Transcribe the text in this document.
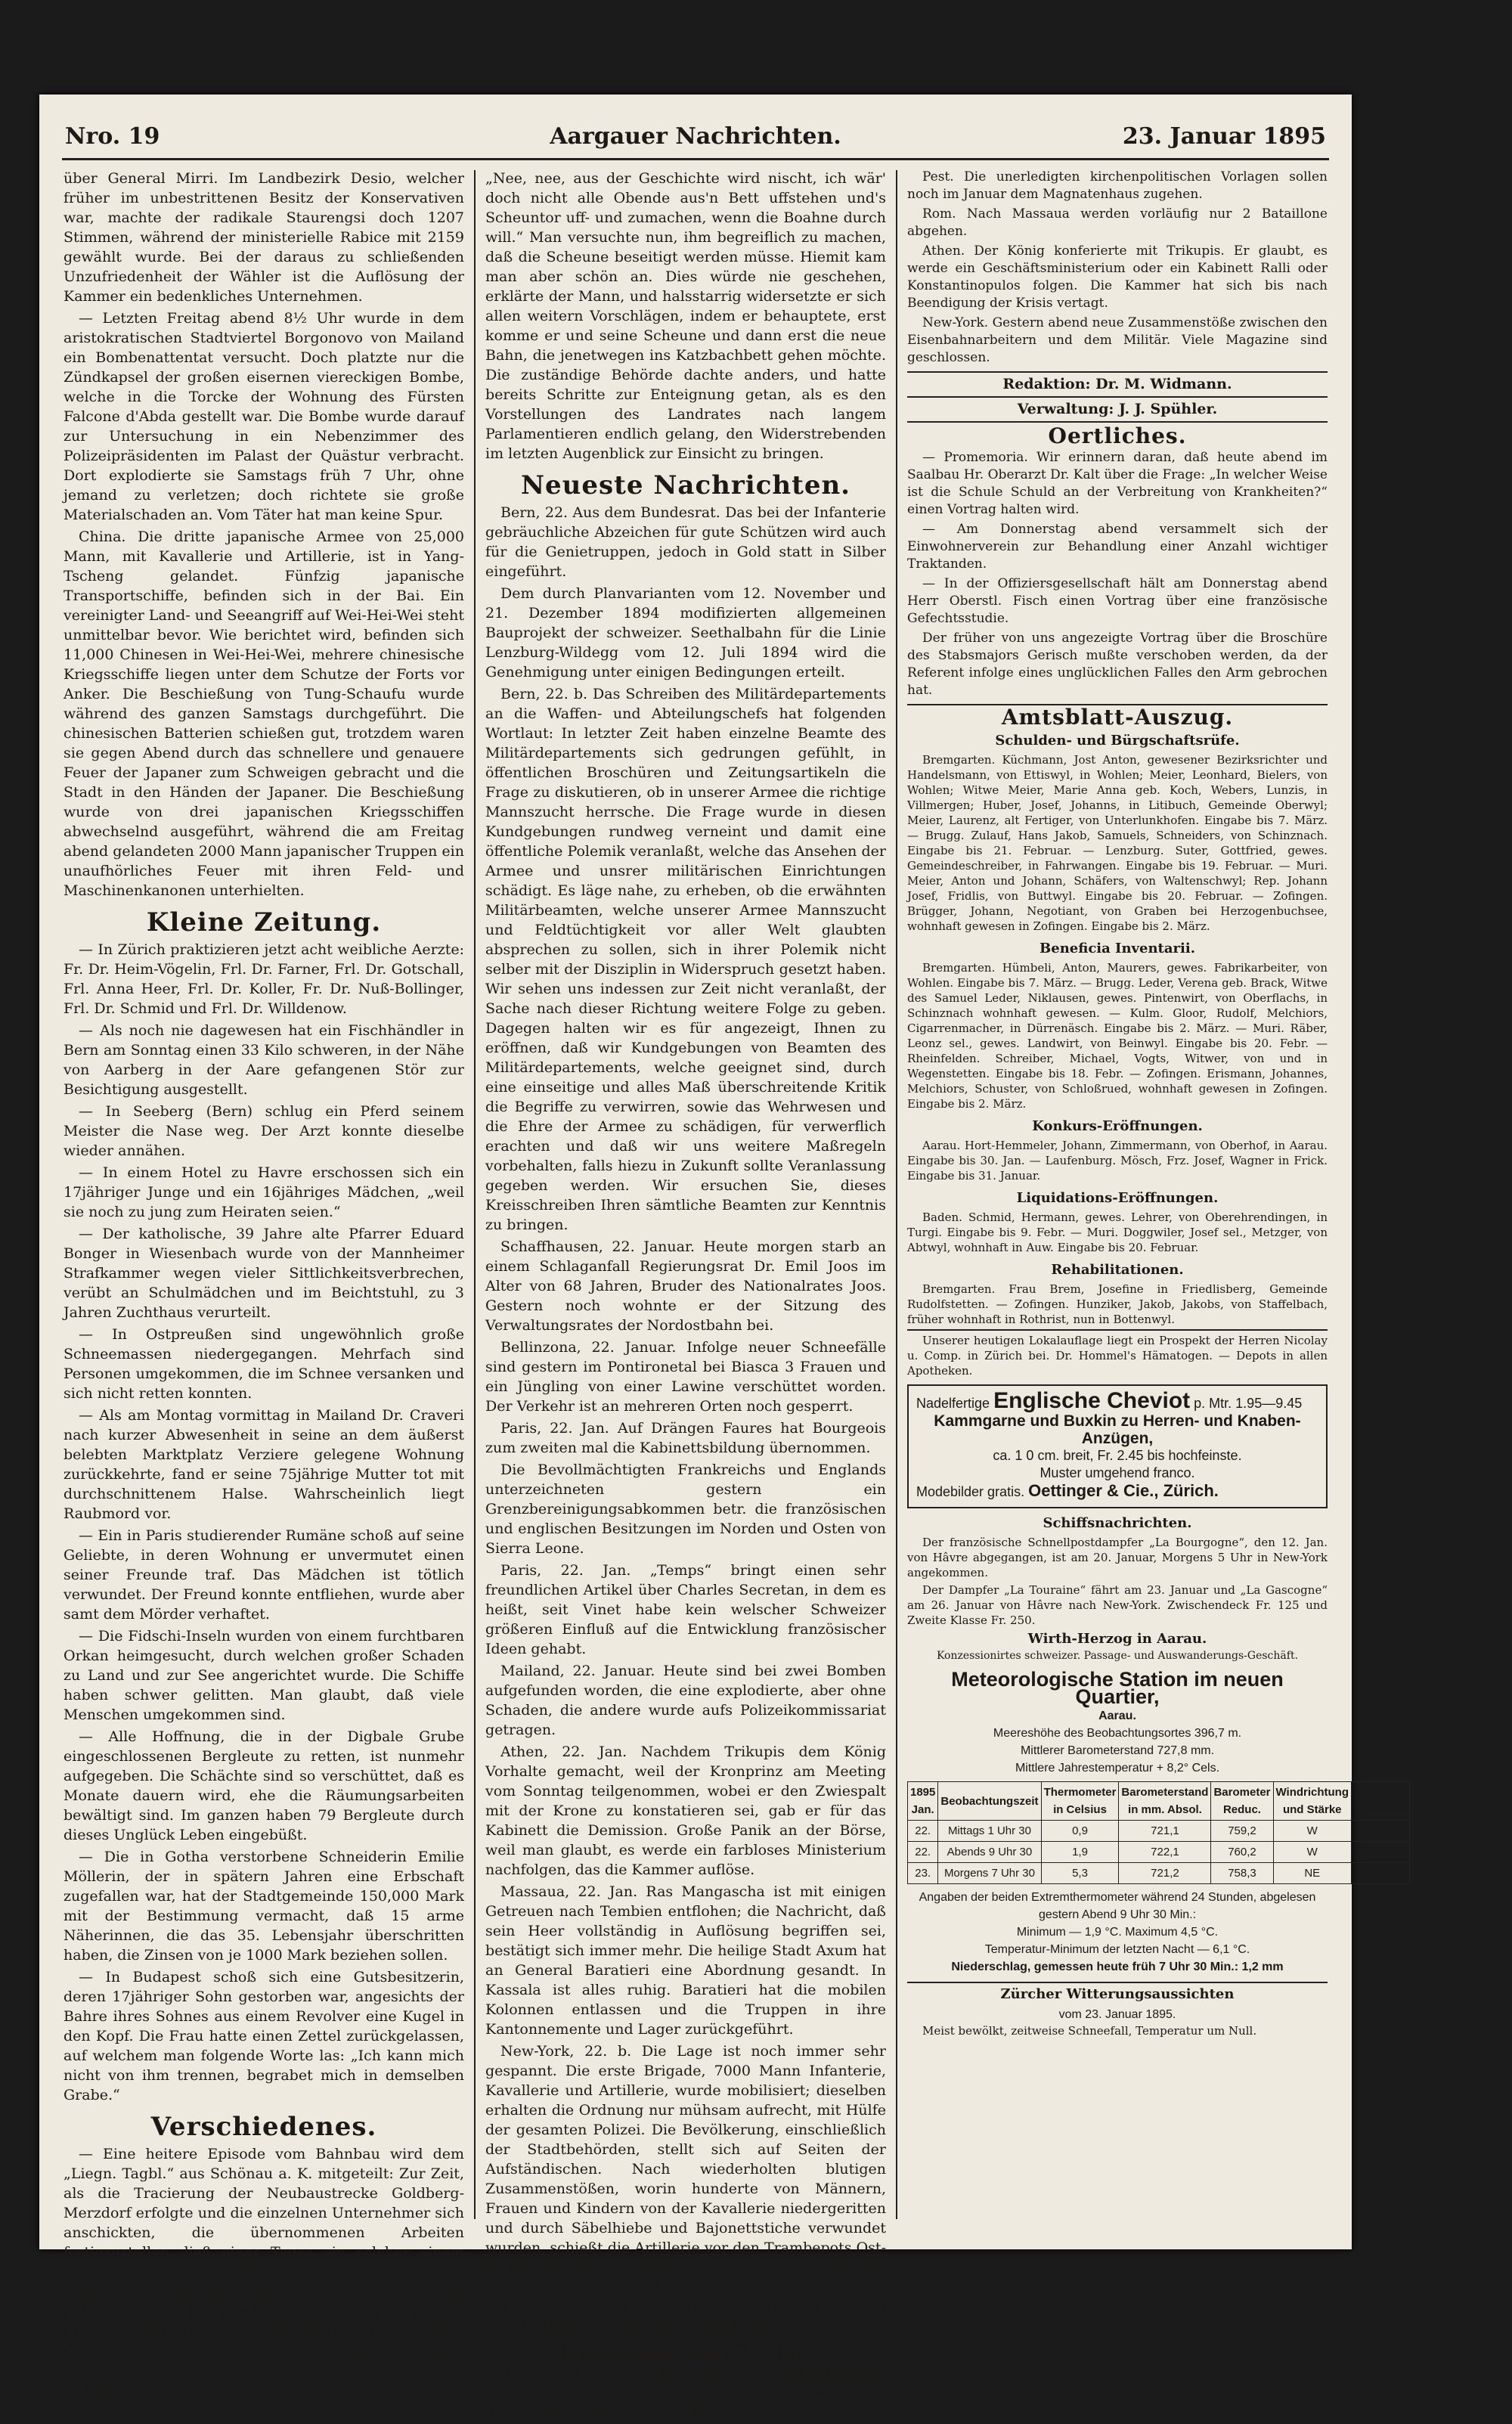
Nro. 19	Aargauer Nachrichten.	23. Januar 1895

über General Mirri. Im Landbezirk Desio, welcher früher im unbestrittenen Besitz der Konservativen war, machte der radikale Staurengsi doch 1207 Stimmen, während der ministerielle Rabice mit 2159 gewählt wurde. Bei der daraus zu schließenden Unzufriedenheit der Wähler ist die Auflösung der Kammer ein bedenkliches Unternehmen.

— Letzten Freitag abend 8½ Uhr wurde in dem aristokratischen Stadtviertel Borgonovo von Mailand ein Bombenattentat versucht. Doch platzte nur die Zündkapsel der großen eisernen viereckigen Bombe, welche in die Torcke der Wohnung des Fürsten Falcone d'Abda gestellt war. Die Bombe wurde darauf zur Untersuchung in ein Nebenzimmer des Polizeipräsidenten im Palast der Quästur verbracht. Dort explodierte sie Samstags früh 7 Uhr, ohne jemand zu verletzen; doch richtete sie große Materialschaden an. Vom Täter hat man keine Spur.

China. Die dritte japanische Armee von 25,000 Mann, mit Kavallerie und Artillerie, ist in Yang-Tscheng gelandet. Fünfzig japanische Transportschiffe, befinden sich in der Bai. Ein vereinigter Land- und Seeangriff auf Wei-Hei-Wei steht unmittelbar bevor. Wie berichtet wird, befinden sich 11,000 Chinesen in Wei-Hei-Wei, mehrere chinesische Kriegsschiffe liegen unter dem Schutze der Forts vor Anker. Die Beschießung von Tung-Schaufu wurde während des ganzen Samstags durchgeführt. Die chinesischen Batterien schießen gut, trotzdem waren sie gegen Abend durch das schnellere und genauere Feuer der Japaner zum Schweigen gebracht und die Stadt in den Händen der Japaner. Die Beschießung wurde von drei japanischen Kriegsschiffen abwechselnd ausgeführt, während die am Freitag abend gelandeten 2000 Mann japanischer Truppen ein unaufhörliches Feuer mit ihren Feld- und Maschinenkanonen unterhielten.

Kleine Zeitung.

— In Zürich praktizieren jetzt acht weibliche Aerzte: Fr. Dr. Heim-Vögelin, Frl. Dr. Farner, Frl. Dr. Gotschall, Frl. Anna Heer, Frl. Dr. Koller, Fr. Dr. Nuß-Bollinger, Frl. Dr. Schmid und Frl. Dr. Willdenow.

— Als noch nie dagewesen hat ein Fischhändler in Bern am Sonntag einen 33 Kilo schweren, in der Nähe von Aarberg in der Aare gefangenen Stör zur Besichtigung ausgestellt.

— In Seeberg (Bern) schlug ein Pferd seinem Meister die Nase weg. Der Arzt konnte dieselbe wieder annähen.

— In einem Hotel zu Havre erschossen sich ein 17jähriger Junge und ein 16jähriges Mädchen, „weil sie noch zu jung zum Heiraten seien.“

— Der katholische, 39 Jahre alte Pfarrer Eduard Bonger in Wiesenbach wurde von der Mannheimer Strafkammer wegen vieler Sittlichkeitsverbrechen, verübt an Schulmädchen und im Beichtstuhl, zu 3 Jahren Zuchthaus verurteilt.

— In Ostpreußen sind ungewöhnlich große Schneemassen niedergegangen. Mehrfach sind Personen umgekommen, die im Schnee versanken und sich nicht retten konnten.

— Als am Montag vormittag in Mailand Dr. Craveri nach kurzer Abwesenheit in seine an dem äußerst belebten Marktplatz Verziere gelegene Wohnung zurückkehrte, fand er seine 75jährige Mutter tot mit durchschnittenem Halse. Wahrscheinlich liegt Raubmord vor.

— Ein in Paris studierender Rumäne schoß auf seine Geliebte, in deren Wohnung er unvermutet einen seiner Freunde traf. Das Mädchen ist tötlich verwundet. Der Freund konnte entfliehen, wurde aber samt dem Mörder verhaftet.

— Die Fidschi-Inseln wurden von einem furchtbaren Orkan heimgesucht, durch welchen großer Schaden zu Land und zur See angerichtet wurde. Die Schiffe haben schwer gelitten. Man glaubt, daß viele Menschen umgekommen sind.

— Alle Hoffnung, die in der Digbale Grube eingeschlossenen Bergleute zu retten, ist nunmehr aufgegeben. Die Schächte sind so verschüttet, daß es Monate dauern wird, ehe die Räumungsarbeiten bewältigt sind. Im ganzen haben 79 Bergleute durch dieses Unglück Leben eingebüßt.

— Die in Gotha verstorbene Schneiderin Emilie Möllerin, der in spätern Jahren eine Erbschaft zugefallen war, hat der Stadtgemeinde 150,000 Mark mit der Bestimmung vermacht, daß 15 arme Näherinnen, die das 35. Lebensjahr überschritten haben, die Zinsen von je 1000 Mark beziehen sollen.

— In Budapest schoß sich eine Gutsbesitzerin, deren 17jähriger Sohn gestorben war, angesichts der Bahre ihres Sohnes aus einem Revolver eine Kugel in den Kopf. Die Frau hatte einen Zettel zurückgelassen, auf welchem man folgende Worte las: „Ich kann mich nicht von ihm trennen, begrabet mich in demselben Grabe.“

Verschiedenes.

— Eine heitere Episode vom Bahnbau wird dem „Liegn. Tagbl.“ aus Schönau a. K. mitgeteilt: Zur Zeit, als die Tracierung der Neubaustrecke Goldberg-Merzdorf erfolgte und die einzelnen Unternehmer sich anschickten, die übernommenen Arbeiten fertigzustellen, ließ eines Tages ein solcher einem Besitzer in G. die Mitteilung machen, daß nach ausgelegtem Planum direkt durch dessen Scheune gehe. Man wolle ihm damit dem Manne genügend Zeit für die Vorbereitungen zum Niederreißen lassen. Der Besitzer erscheint nach dem Empfang dieser Bekanntmachung sofort auf dem Baubureau und meinte:

„Nee, nee, aus der Geschichte wird nischt, ich wär' doch nicht alle Obende aus'n Bett uffstehen und's Scheuntor uff- und zumachen, wenn die Boahne durch will.“ Man versuchte nun, ihm begreiflich zu machen, daß die Scheune beseitigt werden müsse. Hiemit kam man aber schön an. Dies würde nie geschehen, erklärte der Mann, und halsstarrig widersetzte er sich allen weitern Vorschlägen, indem er behauptete, erst komme er und seine Scheune und dann erst die neue Bahn, die jenetwegen ins Katzbachbett gehen möchte. Die zuständige Behörde dachte anders, und hatte bereits Schritte zur Enteignung getan, als es den Vorstellungen des Landrates nach langem Parlamentieren endlich gelang, den Widerstrebenden im letzten Augenblick zur Einsicht zu bringen.

Neueste Nachrichten.

Bern, 22. Aus dem Bundesrat. Das bei der Infanterie gebräuchliche Abzeichen für gute Schützen wird auch für die Genietruppen, jedoch in Gold statt in Silber eingeführt.

Dem durch Planvarianten vom 12. November und 21. Dezember 1894 modifizierten allgemeinen Bauprojekt der schweizer. Seethalbahn für die Linie Lenzburg-Wildegg vom 12. Juli 1894 wird die Genehmigung unter einigen Bedingungen erteilt.

Bern, 22. b. Das Schreiben des Militärdepartements an die Waffen- und Abteilungschefs hat folgenden Wortlaut: In letzter Zeit haben einzelne Beamte des Militärdepartements sich gedrungen gefühlt, in öffentlichen Broschüren und Zeitungsartikeln die Frage zu diskutieren, ob in unserer Armee die richtige Mannszucht herrsche. Die Frage wurde in diesen Kundgebungen rundweg verneint und damit eine öffentliche Polemik veranlaßt, welche das Ansehen der Armee und unsrer militärischen Einrichtungen schädigt. Es läge nahe, zu erheben, ob die erwähnten Militärbeamten, welche unserer Armee Mannszucht und Feldtüchtigkeit vor aller Welt glaubten absprechen zu sollen, sich in ihrer Polemik nicht selber mit der Disziplin in Widerspruch gesetzt haben. Wir sehen uns indessen zur Zeit nicht veranlaßt, der Sache nach dieser Richtung weitere Folge zu geben. Dagegen halten wir es für angezeigt, Ihnen zu eröffnen, daß wir Kundgebungen von Beamten des Militärdepartements, welche geeignet sind, durch eine einseitige und alles Maß überschreitende Kritik die Begriffe zu verwirren, sowie das Wehrwesen und die Ehre der Armee zu schädigen, für verwerflich erachten und daß wir uns weitere Maßregeln vorbehalten, falls hiezu in Zukunft sollte Veranlassung gegeben werden. Wir ersuchen Sie, dieses Kreisschreiben Ihren sämtliche Beamten zur Kenntnis zu bringen.

Schaffhausen, 22. Januar. Heute morgen starb an einem Schlaganfall Regierungsrat Dr. Emil Joos im Alter von 68 Jahren, Bruder des Nationalrates Joos. Gestern noch wohnte er der Sitzung des Verwaltungsrates der Nordostbahn bei.

Bellinzona, 22. Januar. Infolge neuer Schneefälle sind gestern im Pontironetal bei Biasca 3 Frauen und ein Jüngling von einer Lawine verschüttet worden. Der Verkehr ist an mehreren Orten noch gesperrt.

Paris, 22. Jan. Auf Drängen Faures hat Bourgeois zum zweiten mal die Kabinettsbildung übernommen.

Die Bevollmächtigten Frankreichs und Englands unterzeichneten gestern ein Grenzbereinigungsabkommen betr. die französischen und englischen Besitzungen im Norden und Osten von Sierra Leone.

Paris, 22. Jan. „Temps“ bringt einen sehr freundlichen Artikel über Charles Secretan, in dem es heißt, seit Vinet habe kein welscher Schweizer größeren Einfluß auf die Entwicklung französischer Ideen gehabt.

Mailand, 22. Januar. Heute sind bei zwei Bomben aufgefunden worden, die eine explodierte, aber ohne Schaden, die andere wurde aufs Polizeikommissariat getragen.

Athen, 22. Jan. Nachdem Trikupis dem König Vorhalte gemacht, weil der Kronprinz am Meeting vom Sonntag teilgenommen, wobei er den Zwiespalt mit der Krone zu konstatieren sei, gab er für das Kabinett die Demission. Große Panik an der Börse, weil man glaubt, es werde ein farbloses Ministerium nachfolgen, das die Kammer auflöse.

Massaua, 22. Jan. Ras Mangascha ist mit einigen Getreuen nach Tembien entflohen; die Nachricht, daß sein Heer vollständig in Auflösung begriffen sei, bestätigt sich immer mehr. Die heilige Stadt Axum hat an General Baratieri eine Abordnung gesandt. In Kassala ist alles ruhig. Baratieri hat die mobilen Kolonnen entlassen und die Truppen in ihre Kantonnemente und Lager zurückgeführt.

New-York, 22. b. Die Lage ist noch immer sehr gespannt. Die erste Brigade, 7000 Mann Infanterie, Kavallerie und Artillerie, wurde mobilisiert; dieselben erhalten die Ordnung nur mühsam aufrecht, mit Hülfe der gesamten Polizei. Die Bevölkerung, einschließlich der Stadtbehörden, stellt sich auf Seiten der Aufständischen. Nach wiederholten blutigen Zusammenstößen, worin hunderte von Männern, Frauen und Kindern von der Kavallerie niedergeritten und durch Säbelhiebe und Bajonettstiche verwundet wurden, schießt die Artillerie vor den Trambepots Ost-New-Yorks auf die Menge. Es wird ein allgemeiner Streik erwartet, welche 12,000 Mann Fabrikanten bedroht und ein längeres Dauern führt. Für morgen sind blutige Zusammenstöße befürchtet.

Telegramme vom 23. Jan.

Buenos Aires. Präsident Pena hat dem Kongreß seine Demission eingereicht. Als Nachfolger wurde Bizepräsident Uriburu gewählt.

Pest. Die unerledigten kirchenpolitischen Vorlagen sollen noch im Januar dem Magnatenhaus zugehen.

Rom. Nach Massaua werden vorläufig nur 2 Bataillone abgehen.

Athen. Der König konferierte mit Trikupis. Er glaubt, es werde ein Geschäftsministerium oder ein Kabinett Ralli oder Konstantinopulos folgen. Die Kammer hat sich bis nach Beendigung der Krisis vertagt.

New-York. Gestern abend neue Zusammenstöße zwischen den Eisenbahnarbeitern und dem Militär. Viele Magazine sind geschlossen.

Redaktion: Dr. M. Widmann.
Verwaltung: J. J. Spühler.
Oertliches.

— Promemoria. Wir erinnern daran, daß heute abend im Saalbau Hr. Oberarzt Dr. Kalt über die Frage: „In welcher Weise ist die Schule Schuld an der Verbreitung von Krankheiten?“ einen Vortrag halten wird.

— Am Donnerstag abend versammelt sich der Einwohnerverein zur Behandlung einer Anzahl wichtiger Traktanden.

— In der Offiziersgesellschaft hält am Donnerstag abend Herr Oberstl. Fisch einen Vortrag über eine französische Gefechtsstudie.

Der früher von uns angezeigte Vortrag über die Broschüre des Stabsmajors Gerisch mußte verschoben werden, da der Referent infolge eines unglücklichen Falles den Arm gebrochen hat.

Amtsblatt-Auszug.
Schulden- und Bürgschaftsrüfe.

Bremgarten. Küchmann, Jost Anton, gewesener Bezirksrichter und Handelsmann, von Ettiswyl, in Wohlen; Meier, Leonhard, Bielers, von Wohlen; Witwe Meier, Marie Anna geb. Koch, Webers, Lunzis, in Villmergen; Huber, Josef, Johanns, in Litibuch, Gemeinde Oberwyl; Meier, Laurenz, alt Fertiger, von Unterlunkhofen. Eingabe bis 7. März. — Brugg. Zulauf, Hans Jakob, Samuels, Schneiders, von Schinznach. Eingabe bis 21. Februar. — Lenzburg. Suter, Gottfried, gewes. Gemeindeschreiber, in Fahrwangen. Eingabe bis 19. Februar. — Muri. Meier, Anton und Johann, Schäfers, von Waltenschwyl; Rep. Johann Josef, Fridlis, von Buttwyl. Eingabe bis 20. Februar. — Zofingen. Brügger, Johann, Negotiant, von Graben bei Herzogenbuchsee, wohnhaft gewesen in Zofingen. Eingabe bis 2. März.

Beneficia Inventarii.

Bremgarten. Hümbeli, Anton, Maurers, gewes. Fabrikarbeiter, von Wohlen. Eingabe bis 7. März. — Brugg. Leder, Verena geb. Brack, Witwe des Samuel Leder, Niklausen, gewes. Pintenwirt, von Oberflachs, in Schinznach wohnhaft gewesen. — Kulm. Gloor, Rudolf, Melchiors, Cigarrenmacher, in Dürrenäsch. Eingabe bis 2. März. — Muri. Räber, Leonz sel., gewes. Landwirt, von Beinwyl. Eingabe bis 20. Febr. — Rheinfelden. Schreiber, Michael, Vogts, Witwer, von und in Wegenstetten. Eingabe bis 18. Febr. — Zofingen. Erismann, Johannes, Melchiors, Schuster, von Schloßrued, wohnhaft gewesen in Zofingen. Eingabe bis 2. März.

Konkurs-Eröffnungen.

Aarau. Hort-Hemmeler, Johann, Zimmermann, von Oberhof, in Aarau. Eingabe bis 30. Jan. — Laufenburg. Mösch, Frz. Josef, Wagner in Frick. Eingabe bis 31. Januar.

Liquidations-Eröffnungen.

Baden. Schmid, Hermann, gewes. Lehrer, von Oberehrendingen, in Turgi. Eingabe bis 9. Febr. — Muri. Doggwiler, Josef sel., Metzger, von Abtwyl, wohnhaft in Auw. Eingabe bis 20. Februar.

Rehabilitationen.

Bremgarten. Frau Brem, Josefine in Friedlisberg, Gemeinde Rudolfstetten. — Zofingen. Hunziker, Jakob, Jakobs, von Staffelbach, früher wohnhaft in Rothrist, nun in Bottenwyl.

Unserer heutigen Lokalauflage liegt ein Prospekt der Herren Nicolay u. Comp. in Zürich bei. Dr. Hommel's Hämatogen. — Depots in allen Apotheken.

Nadelfertige Englische Cheviot p. Mtr. 1.95—9.45
Kammgarne und Buxkin zu Herren- und Knaben-Anzügen,
ca. 1 0 cm. breit, Fr. 2.45 bis hochfeinste.
Muster umgehend franco.
Modebilder gratis. Oettinger & Cie., Zürich.
Schiffsnachrichten.

Der französische Schnellpostdampfer „La Bourgogne“, den 12. Jan. von Hâvre abgegangen, ist am 20. Januar, Morgens 5 Uhr in New-York angekommen.

Der Dampfer „La Touraine“ fährt am 23. Januar und „La Gascogne“ am 26. Januar von Hâvre nach New-York. Zwischendeck Fr. 125 und Zweite Klasse Fr. 250.

Wirth-Herzog in Aarau.
Konzessionirtes schweizer. Passage- und Auswanderungs-Geschäft.
Meteorologische Station im neuen Quartier,
Aarau.
Meereshöhe des Beobachtungsortes 396,7 m.
Mittlerer Barometerstand 727,8 mm.
Mittlere Jahrestemperatur + 8,2° Cels.
1895 Jan.	Beobachtungszeit	Thermometer in Celsius	Barometerstand in mm. Absol.	Barometer Reduc.	Windrichtung und Stärke	Witterung
22.	Mittags 1 Uhr 30	0,9	721,1	759,2	W	Schnee
22.	Abends 9 Uhr 30	1,9	722,1	760,2	W	bed.
23.	Morgens 7 Uhr 30	5,3	721,2	758,3	NE	bed.
Angaben der beiden Extremthermometer während 24 Stunden, abgelesen gestern Abend 9 Uhr 30 Min.:
Minimum — 1,9 °C. Maximum 4,5 °C.
Temperatur-Minimum der letzten Nacht — 6,1 °C.
Niederschlag, gemessen heute früh 7 Uhr 30 Min.: 1,2 mm
Zürcher Witterungsaussichten
vom 23. Januar 1895.

Meist bewölkt, zeitweise Schneefall, Temperatur um Null.
